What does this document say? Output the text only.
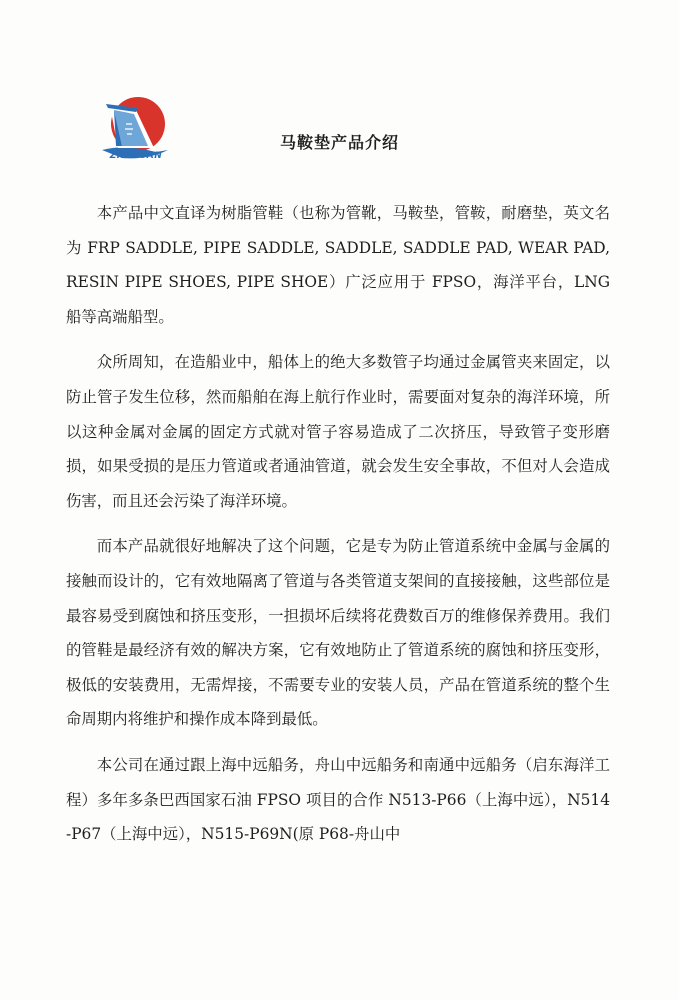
ZHI YUAN
马鞍垫产品介绍

本产品中文直译为树脂管鞋（也称为管靴，马鞍垫，管鞍，耐磨垫，英文名为 FRP SADDLE, PIPE SADDLE, SADDLE, SADDLE PAD, WEAR PAD, RESIN PIPE SHOES, PIPE SHOE）广泛应用于 FPSO，海洋平台，LNG 船等高端船型。

众所周知，在造船业中，船体上的绝大多数管子均通过金属管夹来固定，以防止管子发生位移，然而船舶在海上航行作业时，需要面对复杂的海洋环境，所以这种金属对金属的固定方式就对管子容易造成了二次挤压，导致管子变形磨损，如果受损的是压力管道或者通油管道，就会发生安全事故，不但对人会造成伤害，而且还会污染了海洋环境。

而本产品就很好地解决了这个问题，它是专为防止管道系统中金属与金属的接触而设计的，它有效地隔离了管道与各类管道支架间的直接接触，这些部位是最容易受到腐蚀和挤压变形，一担损坏后续将花费数百万的维修保养费用。我们的管鞋是最经济有效的解决方案，它有效地防止了管道系统的腐蚀和挤压变形，极低的安装费用，无需焊接，不需要专业的安装人员，产品在管道系统的整个生命周期内将维护和操作成本降到最低。

本公司在通过跟上海中远船务，舟山中远船务和南通中远船务（启东海洋工程）多年多条巴西国家石油 FPSO 项目的合作 N513-P66（上海中远），N514-P67（上海中远），N515-P69N(原 P68-舟山中
